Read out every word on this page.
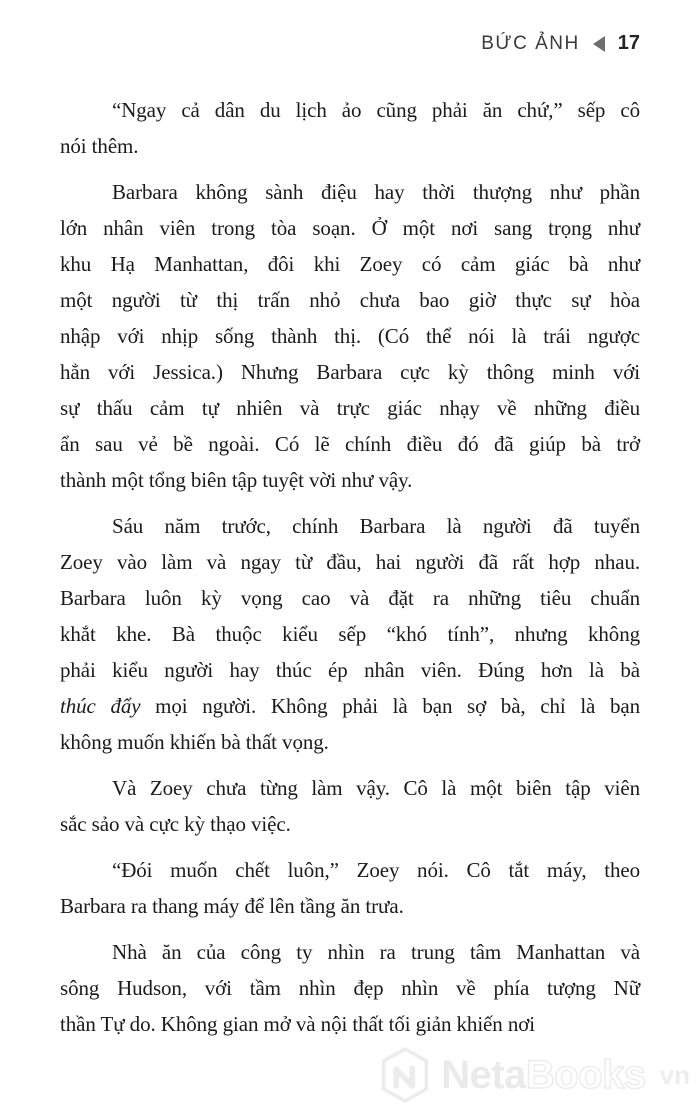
BỨC ẢNH 17

“Ngay cả dân du lịch ảo cũng phải ăn chứ,” sếp cô
nói thêm.

Barbara không sành điệu hay thời thượng như phần
lớn nhân viên trong tòa soạn. Ở một nơi sang trọng như
khu Hạ Manhattan, đôi khi Zoey có cảm giác bà như
một người từ thị trấn nhỏ chưa bao giờ thực sự hòa
nhập với nhịp sống thành thị. (Có thể nói là trái ngược
hẳn với Jessica.) Nhưng Barbara cực kỳ thông minh với
sự thấu cảm tự nhiên và trực giác nhạy về những điều
ẩn sau vẻ bề ngoài. Có lẽ chính điều đó đã giúp bà trở
thành một tổng biên tập tuyệt vời như vậy.

Sáu năm trước, chính Barbara là người đã tuyển
Zoey vào làm và ngay từ đầu, hai người đã rất hợp nhau.
Barbara luôn kỳ vọng cao và đặt ra những tiêu chuẩn
khắt khe. Bà thuộc kiểu sếp “khó tính”, nhưng không
phải kiểu người hay thúc ép nhân viên. Đúng hơn là bà
thúc đẩy mọi người. Không phải là bạn sợ bà, chỉ là bạn
không muốn khiến bà thất vọng.

Và Zoey chưa từng làm vậy. Cô là một biên tập viên
sắc sảo và cực kỳ thạo việc.

“Đói muốn chết luôn,” Zoey nói. Cô tắt máy, theo
Barbara ra thang máy để lên tầng ăn trưa.

Nhà ăn của công ty nhìn ra trung tâm Manhattan và
sông Hudson, với tầm nhìn đẹp nhìn về phía tượng Nữ
thần Tự do. Không gian mở và nội thất tối giản khiến nơi

NetaBooks vn
